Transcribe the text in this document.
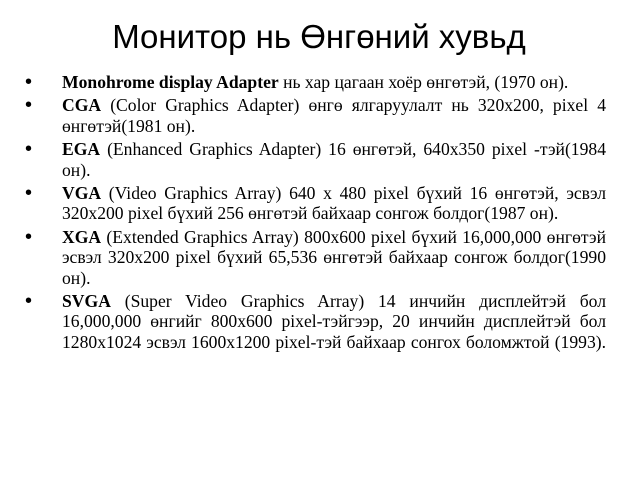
Монитор нь Өнгөний хувьд
• Monohrome display Adapter нь хар цагаан хоёр өнгөтэй, (1970 он).
• CGA (Color Graphics Adapter) өнгө ялгаруулалт нь 320x200, pixel 4 өнгөтэй(1981 он).
• EGA (Enhanced Graphics Adapter) 16 өнгөтэй, 640x350 pixel -тэй(1984 он).
• VGA (Video Graphics Array) 640 x 480 pixel бүхий 16 өнгөтэй, эсвэл 320x200 pixel бүхий 256 өнгөтэй байхаар сонгож болдог(1987 он).
• XGA (Extended Graphics Array) 800x600 pixel бүхий 16,000,000 өнгөтэй эсвэл 320x200 pixel бүхий 65,536 өнгөтэй байхаар сонгож болдог(1990 он).
• SVGA (Super Video Graphics Array) 14 инчийн дисплейтэй бол 16,000,000 өнгийг 800x600 pixel-тэйгээр, 20 инчийн дисплейтэй бол 1280x1024 эсвэл 1600x1200 pixel-тэй байхаар сонгох боломжтой (1993).
